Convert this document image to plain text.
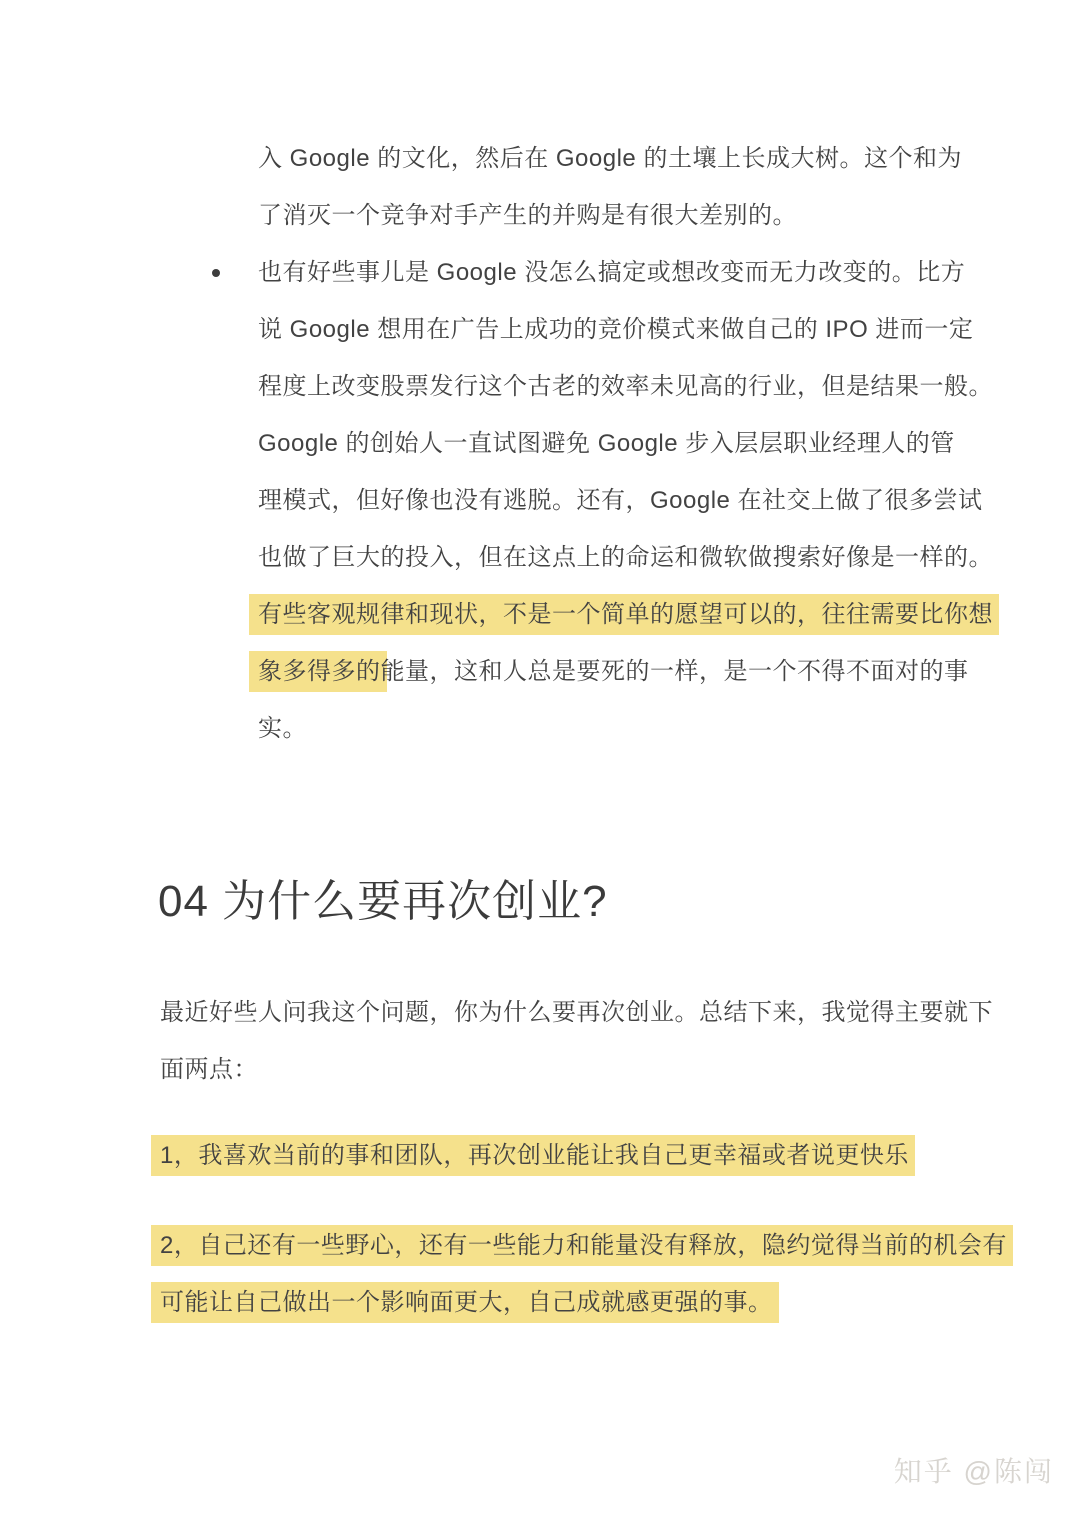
入 Google 的文化，然后在 Google 的土壤上长成大树。这个和为
了消灭一个竞争对手产生的并购是有很大差别的。
也有好些事儿是 Google 没怎么搞定或想改变而无力改变的。比方
说 Google 想用在广告上成功的竞价模式来做自己的 IPO 进而一定
程度上改变股票发行这个古老的效率未见高的行业，但是结果一般。
Google 的创始人一直试图避免 Google 步入层层职业经理人的管
理模式，但好像也没有逃脱。还有，Google 在社交上做了很多尝试
也做了巨大的投入，但在这点上的命运和微软做搜索好像是一样的。
有些客观规律和现状，不是一个简单的愿望可以的，往往需要比你想
象多得多的能量，这和人总是要死的一样，是一个不得不面对的事
实。
04 为什么要再次创业?
最近好些人问我这个问题，你为什么要再次创业。总结下来，我觉得主要就下
面两点：
1，我喜欢当前的事和团队，再次创业能让我自己更幸福或者说更快乐
2，自己还有一些野心，还有一些能力和能量没有释放，隐约觉得当前的机会有
可能让自己做出一个影响面更大，自己成就感更强的事。
知乎 @陈闯
